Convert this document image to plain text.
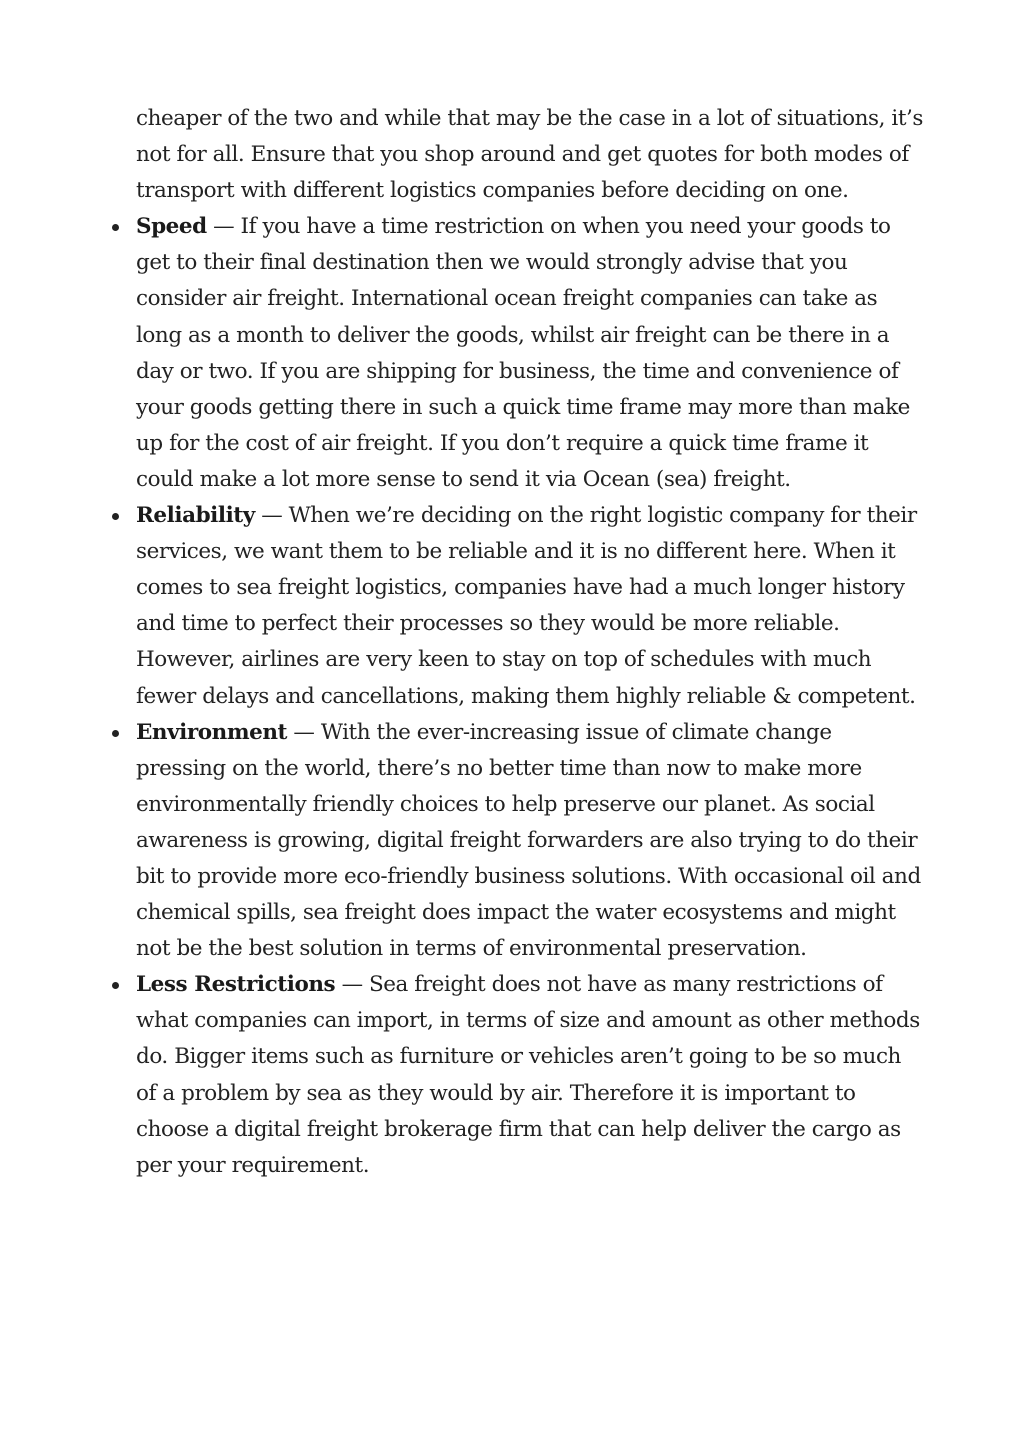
cheaper of the two and while that may be the case in a lot of situations, it’s not for all. Ensure that you shop around and get quotes for both modes of transport with different logistics companies before deciding on one.

Speed — If you have a time restriction on when you need your goods to get to their final destination then we would strongly advise that you consider air freight. International ocean freight companies can take as long as a month to deliver the goods, whilst air freight can be there in a day or two. If you are shipping for business, the time and convenience of your goods getting there in such a quick time frame may more than make up for the cost of air freight. If you don’t require a quick time frame it could make a lot more sense to send it via Ocean (sea) freight.
Reliability — When we’re deciding on the right logistic company for their services, we want them to be reliable and it is no different here. When it comes to sea freight logistics, companies have had a much longer history and time to perfect their processes so they would be more reliable. However, airlines are very keen to stay on top of schedules with much fewer delays and cancellations, making them highly reliable & competent.
Environment — With the ever-increasing issue of climate change pressing on the world, there’s no better time than now to make more environmentally friendly choices to help preserve our planet. As social awareness is growing, digital freight forwarders are also trying to do their bit to provide more eco-friendly business solutions. With occasional oil and chemical spills, sea freight does impact the water ecosystems and might not be the best solution in terms of environmental preservation.
Less Restrictions — Sea freight does not have as many restrictions of what companies can import, in terms of size and amount as other methods do. Bigger items such as furniture or vehicles aren’t going to be so much of a problem by sea as they would by air. Therefore it is important to choose a digital freight brokerage firm that can help deliver the cargo as per your requirement.
